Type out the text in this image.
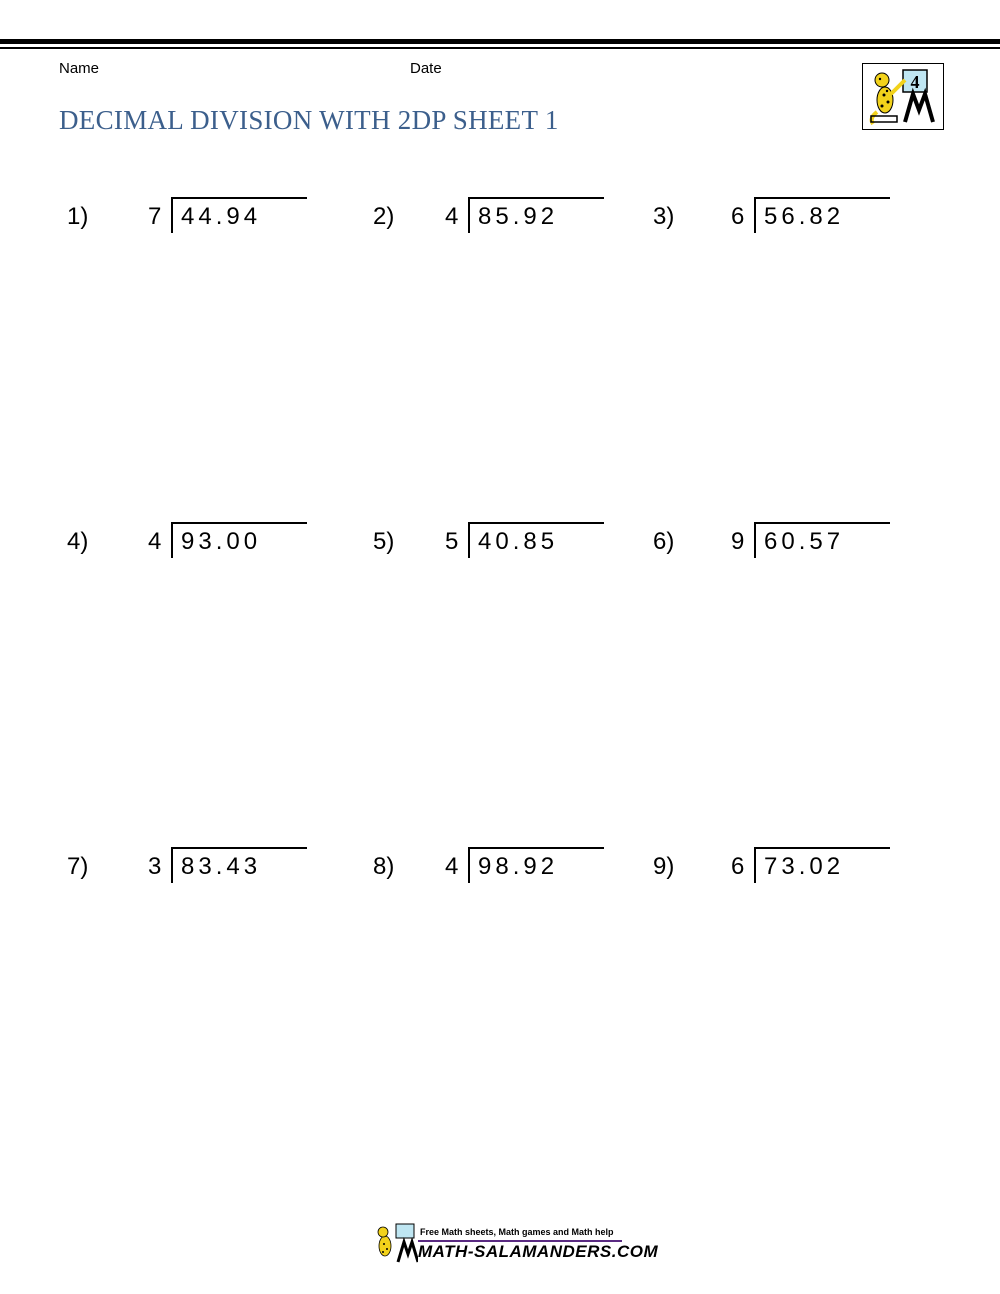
Name	Date
DECIMAL DIVISION WITH 2DP SHEET 1
4
1) 7 44.94	2) 4 85.92	3) 6 56.82
4) 4 93.00	5) 5 40.85	6) 9 60.57
7) 3 83.43	8) 4 98.92	9) 6 73.02
Free Math sheets, Math games and Math help
MATH-SALAMANDERS.COM
